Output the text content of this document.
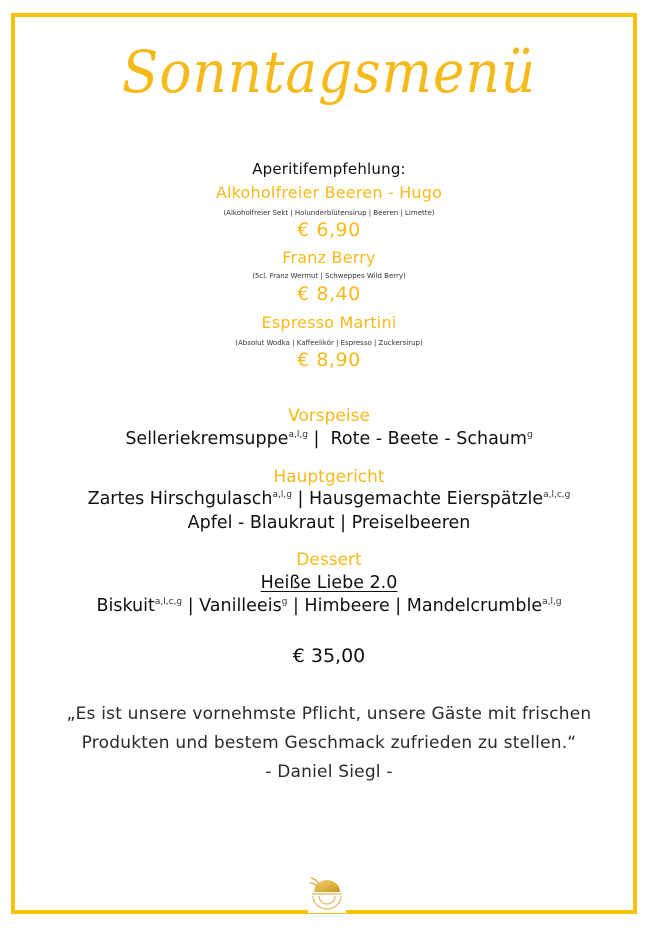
Sonntagsmenü
Aperitifempfehlung:
Alkoholfreier Beeren - Hugo
(Alkoholfreier Sekt | Holunderblütensirup | Beeren | Limette)
€ 6,90
Franz Berry
(5cl. Franz Wermut | Schweppes Wild Berry)
€ 8,40
Espresso Martini
(Absolut Wodka | Kaffeelikör | Espresso | Zuckersirup)
€ 8,90
Vorspeise
Selleriekremsuppe$^{a,l,g}$ |  Rote - Beete - Schaum$^g$
Hauptgericht
Zartes Hirschgulasch$^{a,l,g}$ | Hausgemachte Eierspätzle$^{a,l,c,g}$
Apfel - Blaukraut | Preiselbeeren
Dessert
Heiße Liebe 2.0
Biskuit$^{a,l,c,g}$ | Vanilleeis$^g$ | Himbeere | Mandelcrumble$^{a,l,g}$
€ 35,00
„Es ist unsere vornehmste Pflicht, unsere Gäste mit frischen
Produkten und bestem Geschmack zufrieden zu stellen.“
- Daniel Siegl -
